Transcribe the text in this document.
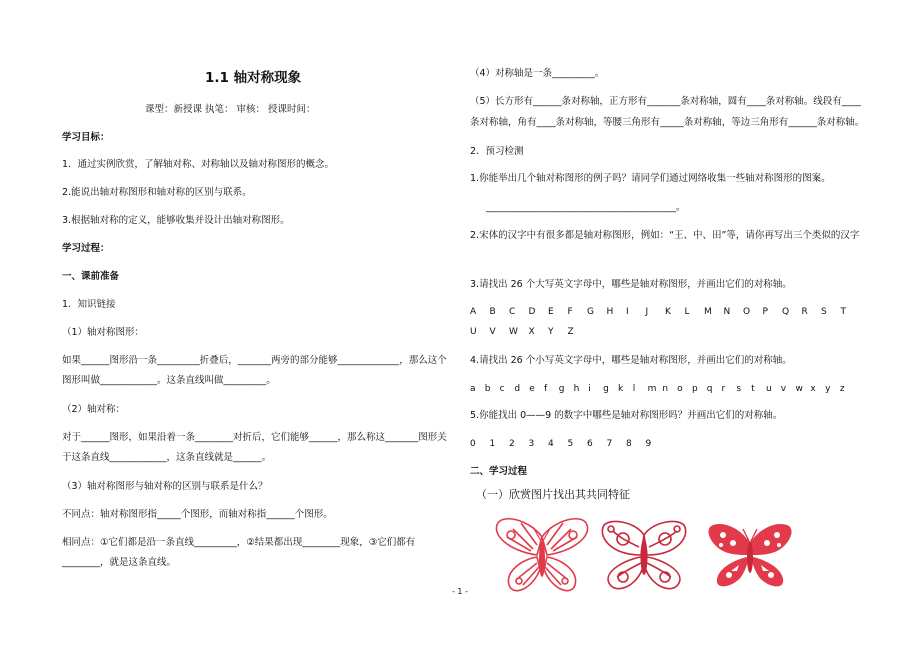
1.1 轴对称现象
课型：新授课 执笔： 审核： 授课时间：
学习目标：
1．通过实例欣赏，了解轴对称、对称轴以及轴对称图形的概念。
2.能说出轴对称图形和轴对称的区别与联系。
3.根据轴对称的定义，能够收集并设计出轴对称图形。
学习过程：
一、课前准备
1．知识链接
（1）轴对称图形：
如果______图形沿一条_________折叠后，_______两旁的部分能够_____________，那么这个
图形叫做____________。这条直线叫做_________。
（2）轴对称：
对于______图形，如果沿着一条________对折后，它们能够______，那么称这_______图形关
于这条直线____________，这条直线就是______。
（3）轴对称图形与轴对称的区别与联系是什么？
不同点：轴对称图形指_____个图形，而轴对称指______个图形。
相同点：①它们都是沿一条直线_________，②结果都出现________现象，③它们都有
________，就是这条直线。
（4）对称轴是一条_________。
（5）长方形有______条对称轴，正方形有_______条对称轴，圆有____条对称轴。线段有____
条对称轴，角有____条对称轴，等腰三角形有_____条对称轴，等边三角形有______条对称轴。
2．预习检测
1.你能举出几个轴对称图形的例子吗？请同学们通过网络收集一些轴对称图形的图案。
________________________________________。
2.宋体的汉字中有很多都是轴对称图形，例如：“王、中、田”等，请你再写出三个类似的汉字
3.请找出 26 个大写英文字母中，哪些是轴对称图形，并画出它们的对称轴。
A	B	C	D	E	F	G	H	I	J	K	L	M	N	O	P	Q	R	S	T
U	V	W	X	Y	Z
4.请找出 26 个小写英文字母中，哪些是轴对称图形，并画出它们的对称轴。
a	b	c	d	e	f	g	h	i	g	k	l	m n	o	p	q	r	s	t	u	v	w x	y	z
5.你能找出 0——9 的数字中哪些是轴对称图形吗？并画出它们的对称轴。
0	1	2	3	4	5	6	7	8	9
二、学习过程
（一）欣赏图片找出其共同特征
- 1 -
